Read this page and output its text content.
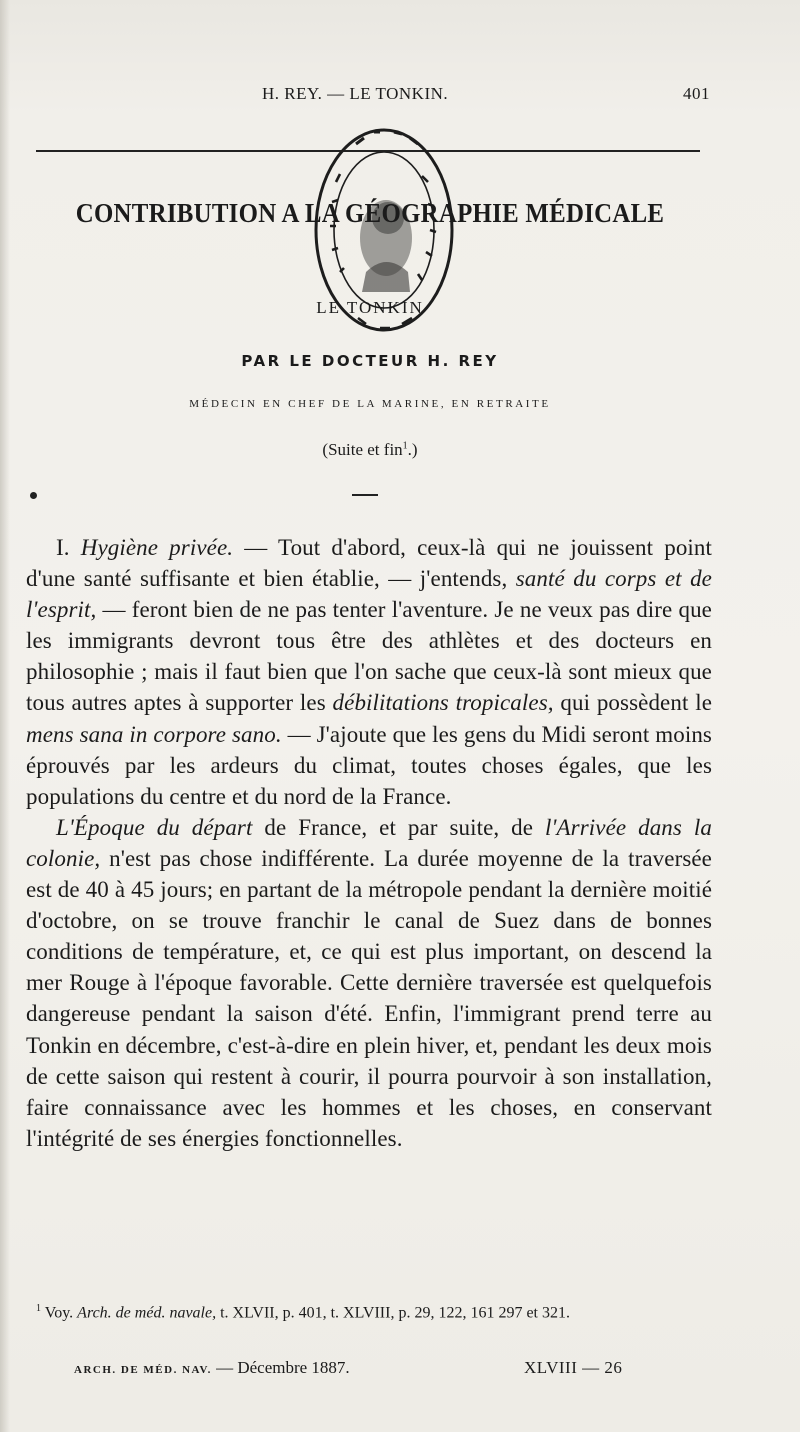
H. REY. — LE TONKIN.	401
CONTRIBUTION A LA GÉOGRAPHIE MÉDICALE
LE TONKIN
PAR LE DOCTEUR H. REY
MÉDECIN EN CHEF DE LA MARINE, EN RETRAITE
(Suite et fin$^1$.)

I. Hygiène privée. — Tout d'abord, ceux-là qui ne jouissent point d'une santé suffisante et bien établie, — j'entends, santé du corps et de l'esprit, — feront bien de ne pas tenter l'aventure. Je ne veux pas dire que les immigrants devront tous être des athlètes et des docteurs en philosophie ; mais il faut bien que l'on sache que ceux-là sont mieux que tous autres aptes à supporter les débilitations tropicales, qui possèdent le mens sana in corpore sano. — J'ajoute que les gens du Midi seront moins éprouvés par les ardeurs du climat, toutes choses égales, que les populations du centre et du nord de la France.

L'Époque du départ de France, et par suite, de l'Arrivée dans la colonie, n'est pas chose indifférente. La durée moyenne de la traversée est de 40 à 45 jours; en partant de la métropole pendant la dernière moitié d'octobre, on se trouve franchir le canal de Suez dans de bonnes conditions de température, et, ce qui est plus important, on descend la mer Rouge à l'époque favorable. Cette dernière traversée est quelquefois dangereuse pendant la saison d'été. Enfin, l'immigrant prend terre au Tonkin en décembre, c'est-à-dire en plein hiver, et, pendant les deux mois de cette saison qui restent à courir, il pourra pourvoir à son installation, faire connaissance avec les hommes et les choses, en conservant l'intégrité de ses énergies fonctionnelles.

$^1$ Voy. Arch. de méd. navale, t. XLVII, p. 401, t. XLVIII, p. 29, 122, 161 297 et 321.
ARCH. DE MÉD. NAV. — Décembre 1887.	XLVIII — 26
